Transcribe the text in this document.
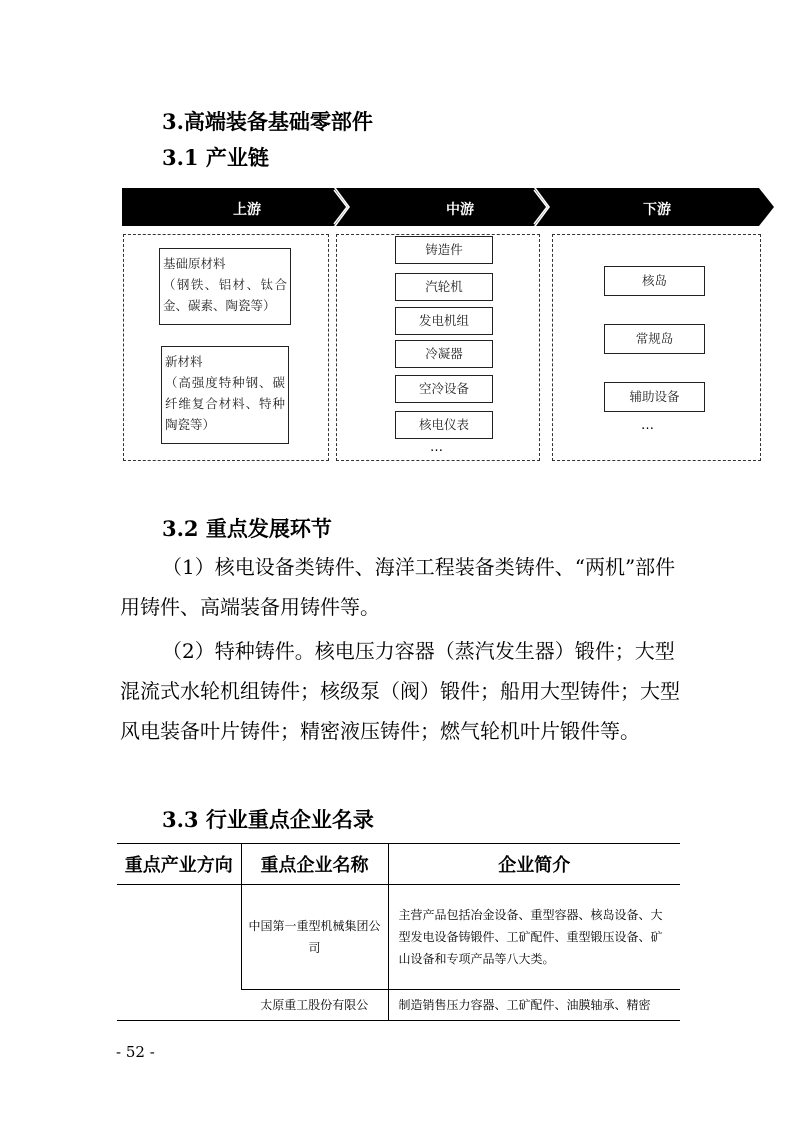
3.高端装备基础零部件
3.1 产业链
上游	中游	下游
基础原材料
（钢铁、铝材、钛合金、碳素、陶瓷等）
新材料
（高强度特种钢、碳纤维复合材料、特种陶瓷等）
铸造件
汽轮机
发电机组
冷凝器
空冷设备
核电仪表
…
核岛
常规岛
辅助设备
…
3.2 重点发展环节

（1）核电设备类铸件、海洋工程装备类铸件、“两机”部件用铸件、高端装备用铸件等。

（2）特种铸件。核电压力容器（蒸汽发生器）锻件；大型混流式水轮机组铸件；核级泵（阀）锻件；船用大型铸件；大型风电装备叶片铸件；精密液压铸件；燃气轮机叶片锻件等。

3.3 行业重点企业名录
重点产业方向	重点企业名称	企业简介
	中国第一重型机械集团公司	主营产品包括冶金设备、重型容器、核岛设备、大型发电设备铸锻件、工矿配件、重型锻压设备、矿山设备和专项产品等八大类。
	太原重工股份有限公	制造销售压力容器、工矿配件、油膜轴承、精密
- 52 -
